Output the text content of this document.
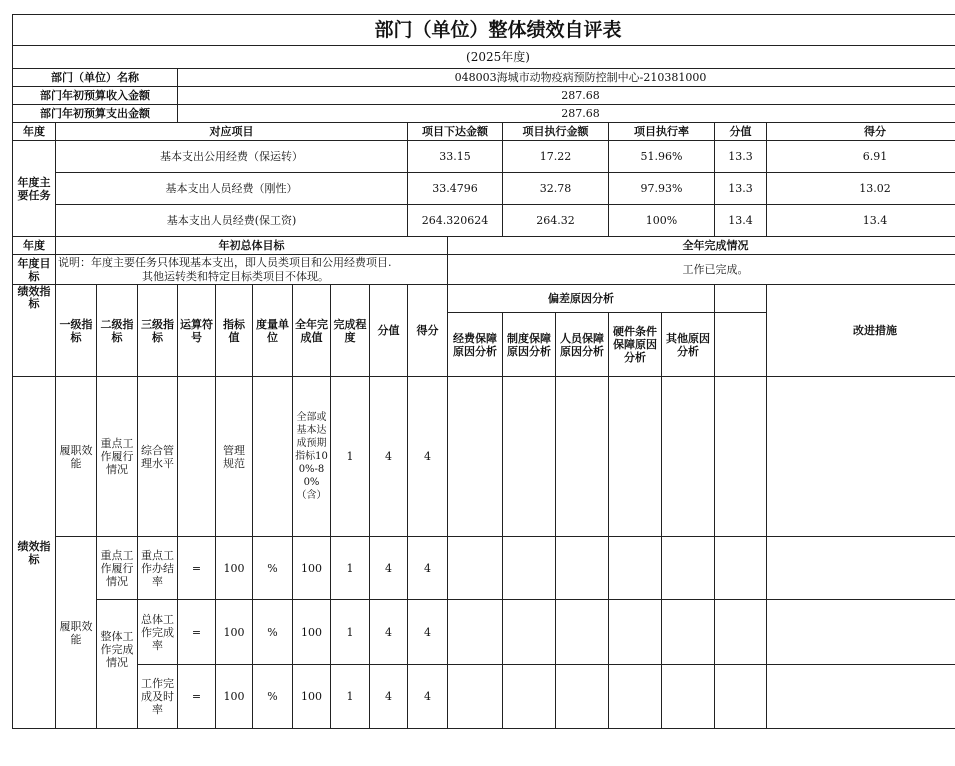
部门（单位）整体绩效自评表																	
(2025年度)																	
部门（单位）名称				048003海城市动物疫病预防控制中心-210381000													
部门年初预算收入金额				287.68													
部门年初预算支出金额				287.68													
年度	对应项目									项目下达金额		项目执行金额		项目执行率		分值	得分
年度主要任务	基本支出公用经费（保运转）									33.15		17.22		51.96%		13.3	6.91
	基本支出人员经费（刚性）									33.4796		32.78		97.93%		13.3	13.02
	基本支出人员经费(保工资)									264.320624		264.32		100%		13.4	13.4
年度	年初总体目标										全年完成情况						
年度目标	说明：年度主要任务只体现基本支出，即人员类项目和公用经费项目.
其他运转类和特定目标类项目不体现。										工作已完成。						

绩效指标	一级指标	二级指标	三级指标	运算符号	指标值	度量单位	全年完成值	完成程度	分值	得分	偏差原因分析						改进措施
											经费保障原因分析	制度保障原因分析	人员保障原因分析	硬件条件保障原因分析	其他原因分析		
绩效指标	履职效能	重点工作履行情况	综合管理水平		管理规范		全部或基本达成预期指标100%-80%（含）	1	4	4							
	履职效能	重点工作履行情况	重点工作办结率	=	100	%	100	1	4	4							
		整体工作完成情况	总体工作完成率	=	100	%	100	1	4	4							
			工作完成及时率	=	100	%	100	1	4	4							
